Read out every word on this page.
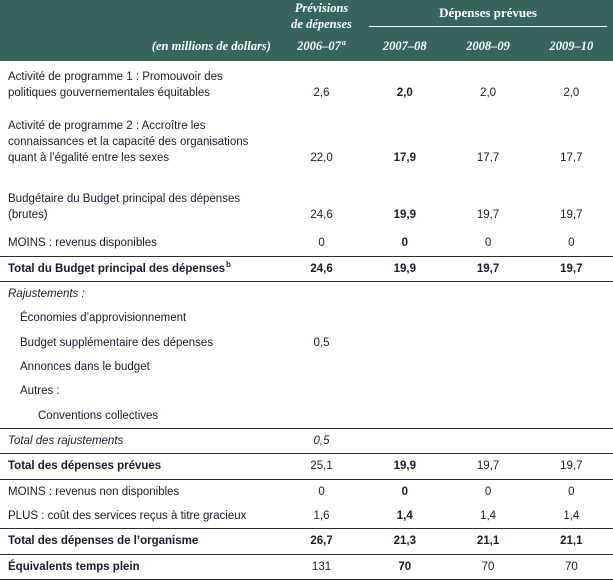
	Prévisions
de dépenses	Dépenses prévues		

(en millions de dollars)	2006–07$^a$	2007–08	2008–09	2009–10
Activité de programme 1 : Promouvoir des politiques gouvernementales équitables	2,6	2,0	2,0	2,0
Activité de programme 2 : Accroître les connaissances et la capacité des organisations quant à l’égalité entre les sexes	22,0	17,9	17,7	17,7

Budgétaire du Budget principal des dépenses (brutes)	24,6	19,9	19,7	19,7
MOINS : revenus disponibles	0	0	0	0
Total du Budget principal des dépenses$^b$	24,6	19,9	19,7	19,7
Rajustements :				
Économies d’approvisionnement				
Budget supplémentaire des dépenses	0,5			
Annonces dans le budget				
Autres :				
Conventions collectives				
Total des rajustements	0,5			
Total des dépenses prévues	25,1	19,9	19,7	19,7
MOINS : revenus non disponibles	0	0	0	0
PLUS : coût des services reçus à titre gracieux	1,6	1,4	1,4	1,4
Total des dépenses de l’organisme	26,7	21,3	21,1	21,1
Équivalents temps plein	131	70	70	70
